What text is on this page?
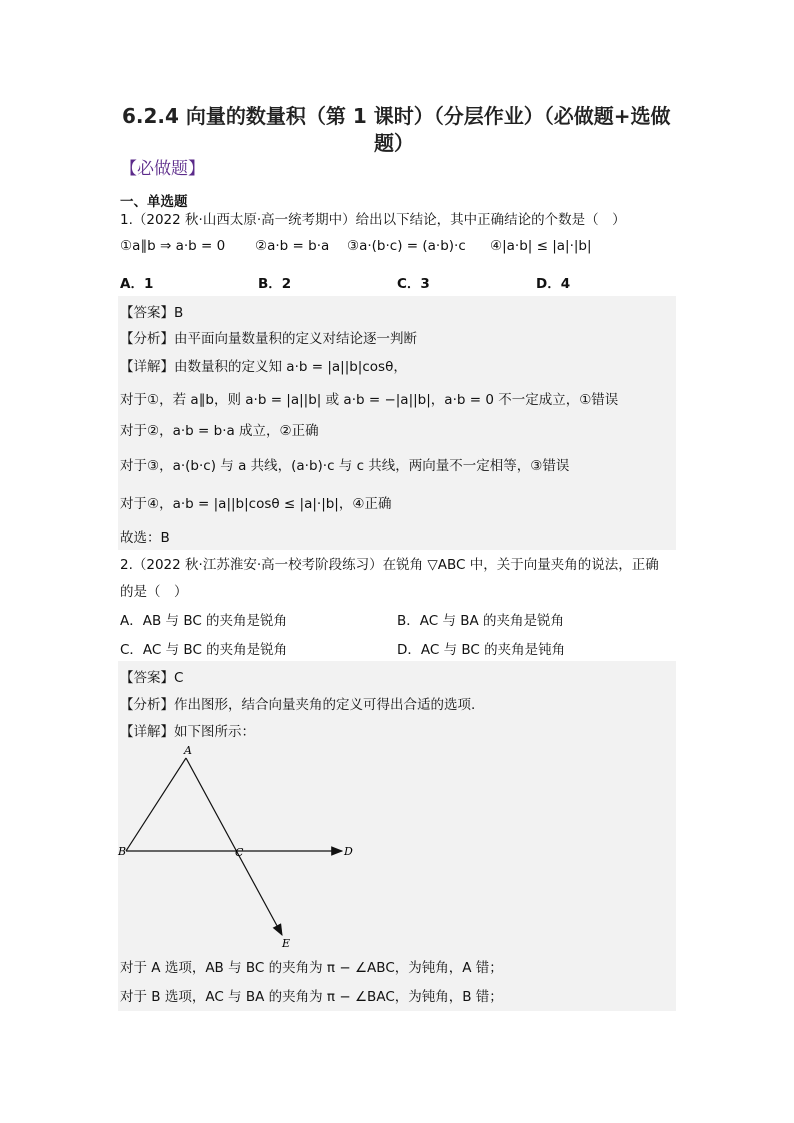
6.2.4 向量的数量积（第 1 课时）（分层作业）（必做题+选做
题）
【必做题】
一、单选题
1.（2022 秋·山西太原·高一统考期中）给出以下结论，其中正确结论的个数是（　）
①a∥b ⇒ a·b = 0 ②a·b = b·a ③a·(b·c) = (a·b)·c ④|a·b| ≤ |a|·|b|
A．1	B．2	C．3	D．4
【答案】B
【分析】由平面向量数量积的定义对结论逐一判断
【详解】由数量积的定义知 a·b = |a||b|cosθ，
对于①，若 a∥b，则 a·b = |a||b| 或 a·b = −|a||b|，a·b = 0 不一定成立，①错误
对于②，a·b = b·a 成立，②正确
对于③，a·(b·c) 与 a 共线，(a·b)·c 与 c 共线，两向量不一定相等，③错误
对于④，a·b = |a||b|cosθ ≤ |a|·|b|，④正确
故选：B
2.（2022 秋·江苏淮安·高一校考阶段练习）在锐角 ▽ABC 中，关于向量夹角的说法，正确
的是（　）
A．AB 与 BC 的夹角是锐角	B．AC 与 BA 的夹角是锐角
C．AC 与 BC 的夹角是锐角	D．AC 与 BC 的夹角是钝角
【答案】C
【分析】作出图形，结合向量夹角的定义可得出合适的选项.
【详解】如下图所示：
A
B	C	D
E
对于 A 选项，AB 与 BC 的夹角为 π − ∠ABC，为钝角，A 错；
对于 B 选项，AC 与 BA 的夹角为 π − ∠BAC，为钝角，B 错；
